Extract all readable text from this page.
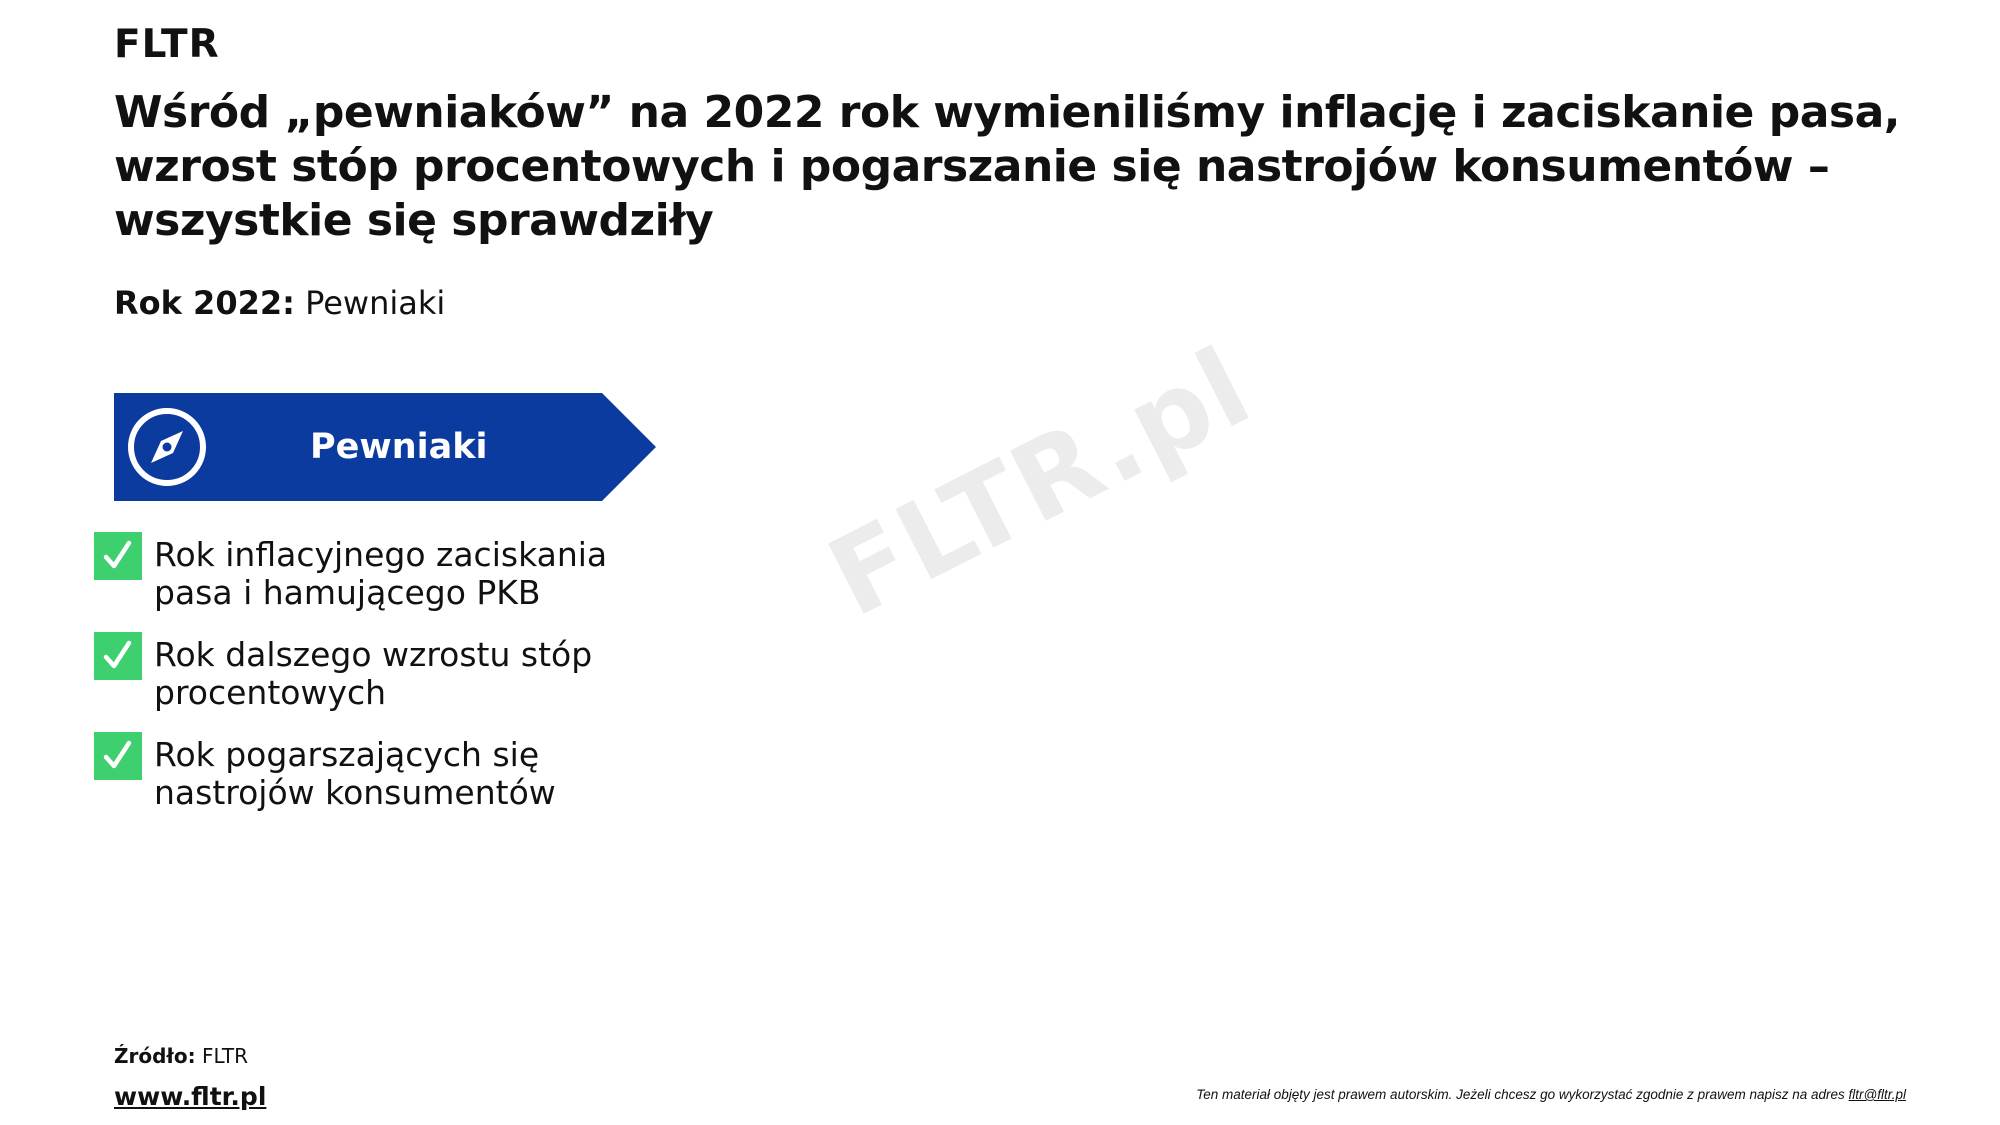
FLTR
Wśród „pewniaków” na 2022 rok wymieniliśmy inflację i zaciskanie pasa, wzrost stóp procentowych i pogarszanie się nastrojów konsumentów – wszystkie się sprawdziły

Rok 2022: Pewniaki

Pewniaki
Rok inflacyjnego zaciskania pasa i hamującego PKB
Rok dalszego wzrostu stóp procentowych
Rok pogarszających się nastrojów konsumentów
FLTR.pl

Źródło: FLTR

www.fltr.pl	Ten materiał objęty jest prawem autorskim. Jeżeli chcesz go wykorzystać zgodnie z prawem napisz na adres fltr@fltr.pl
